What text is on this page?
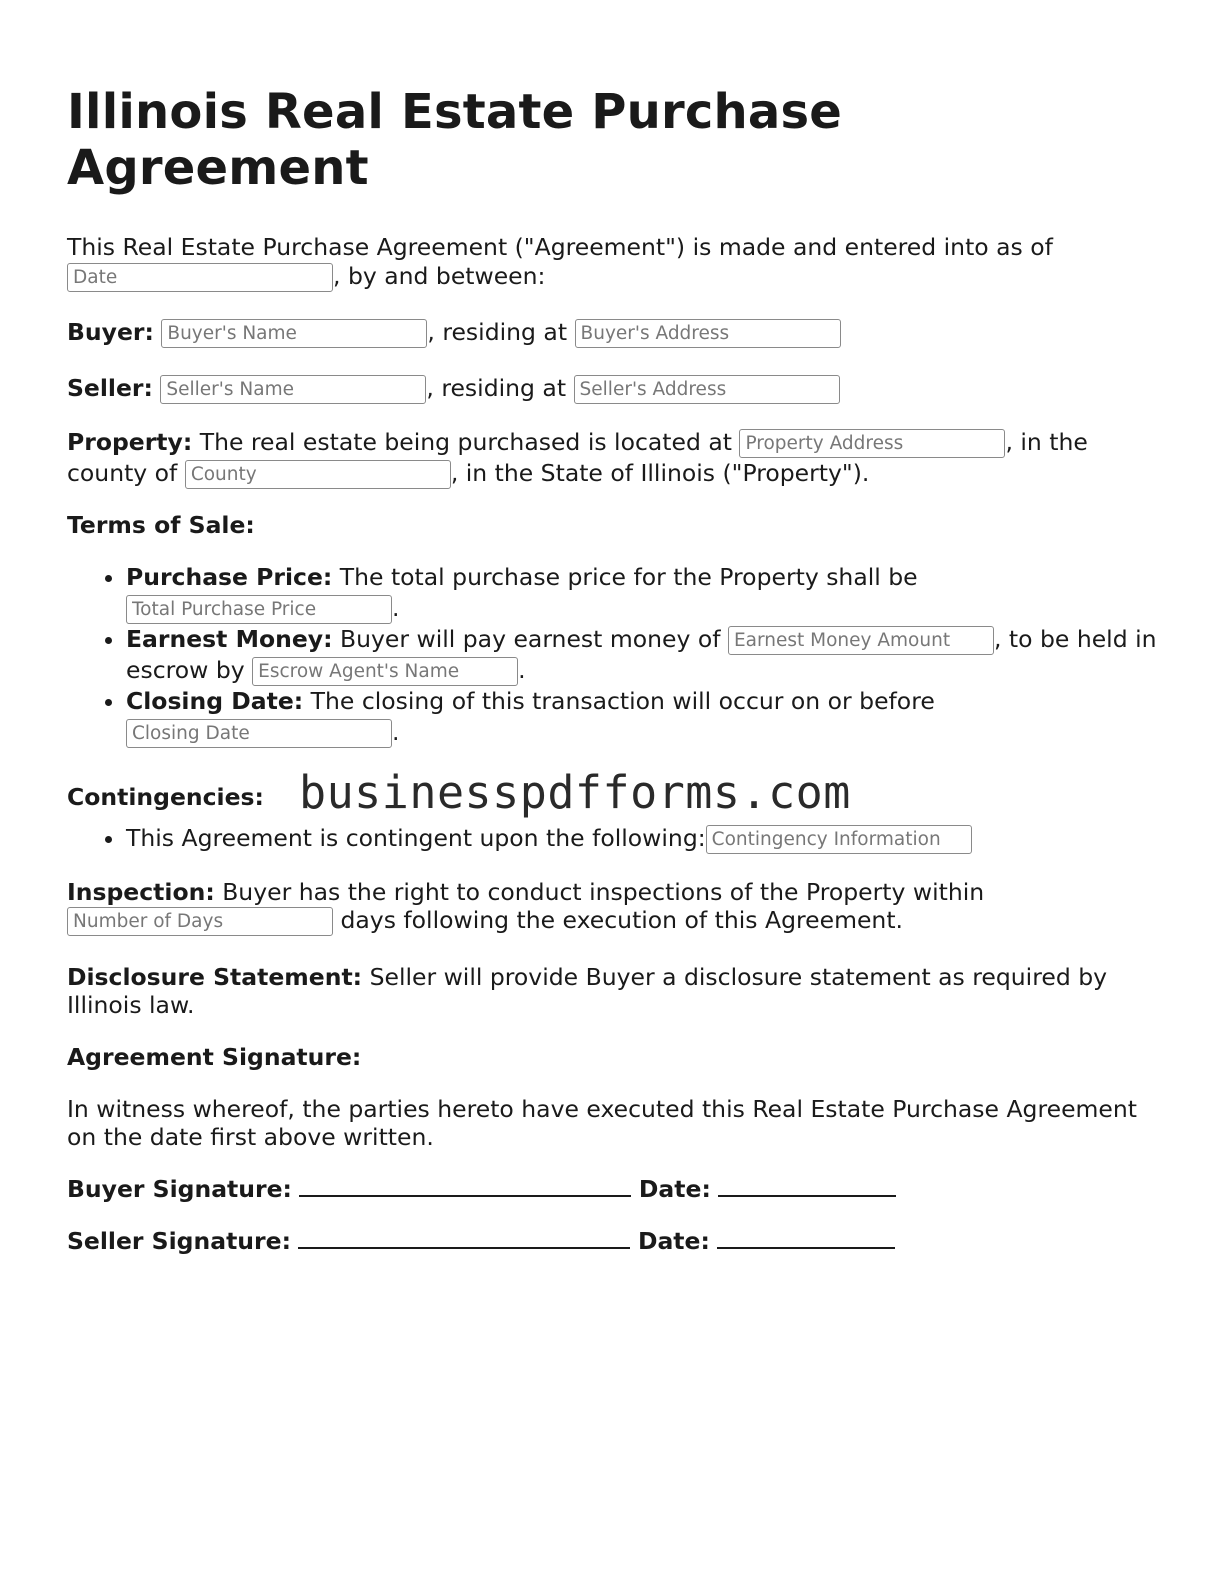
Illinois Real Estate Purchase Agreement

This Real Estate Purchase Agreement ("Agreement") is made and entered into as of
Date, by and between:

Buyer: Buyer's Name	, residing at Buyer's Address

Seller: Seller's Name	, residing at Seller's Address

Property: The real estate being purchased is located at Property Address	, in the county of County	, in the State of Illinois ("Property").

Terms of Sale:

• Purchase Price: The total purchase price for the Property shall be
Total Purchase Price.
• Earnest Money: Buyer will pay earnest money of Earnest Money Amount	, to be held in escrow by Escrow Agent's Name	.
• Closing Date: The closing of this transaction will occur on or before
Closing Date.
Contingencies: businesspdfforms.com
• This Agreement is contingent upon the following:Contingency Information

Inspection: Buyer has the right to conduct inspections of the Property within
Number of Days days following the execution of this Agreement.

Disclosure Statement: Seller will provide Buyer a disclosure statement as required by Illinois law.

Agreement Signature:

In witness whereof, the parties hereto have executed this Real Estate Purchase Agreement on the date first above written.

Buyer Signature:	Date:

Seller Signature:	Date:
